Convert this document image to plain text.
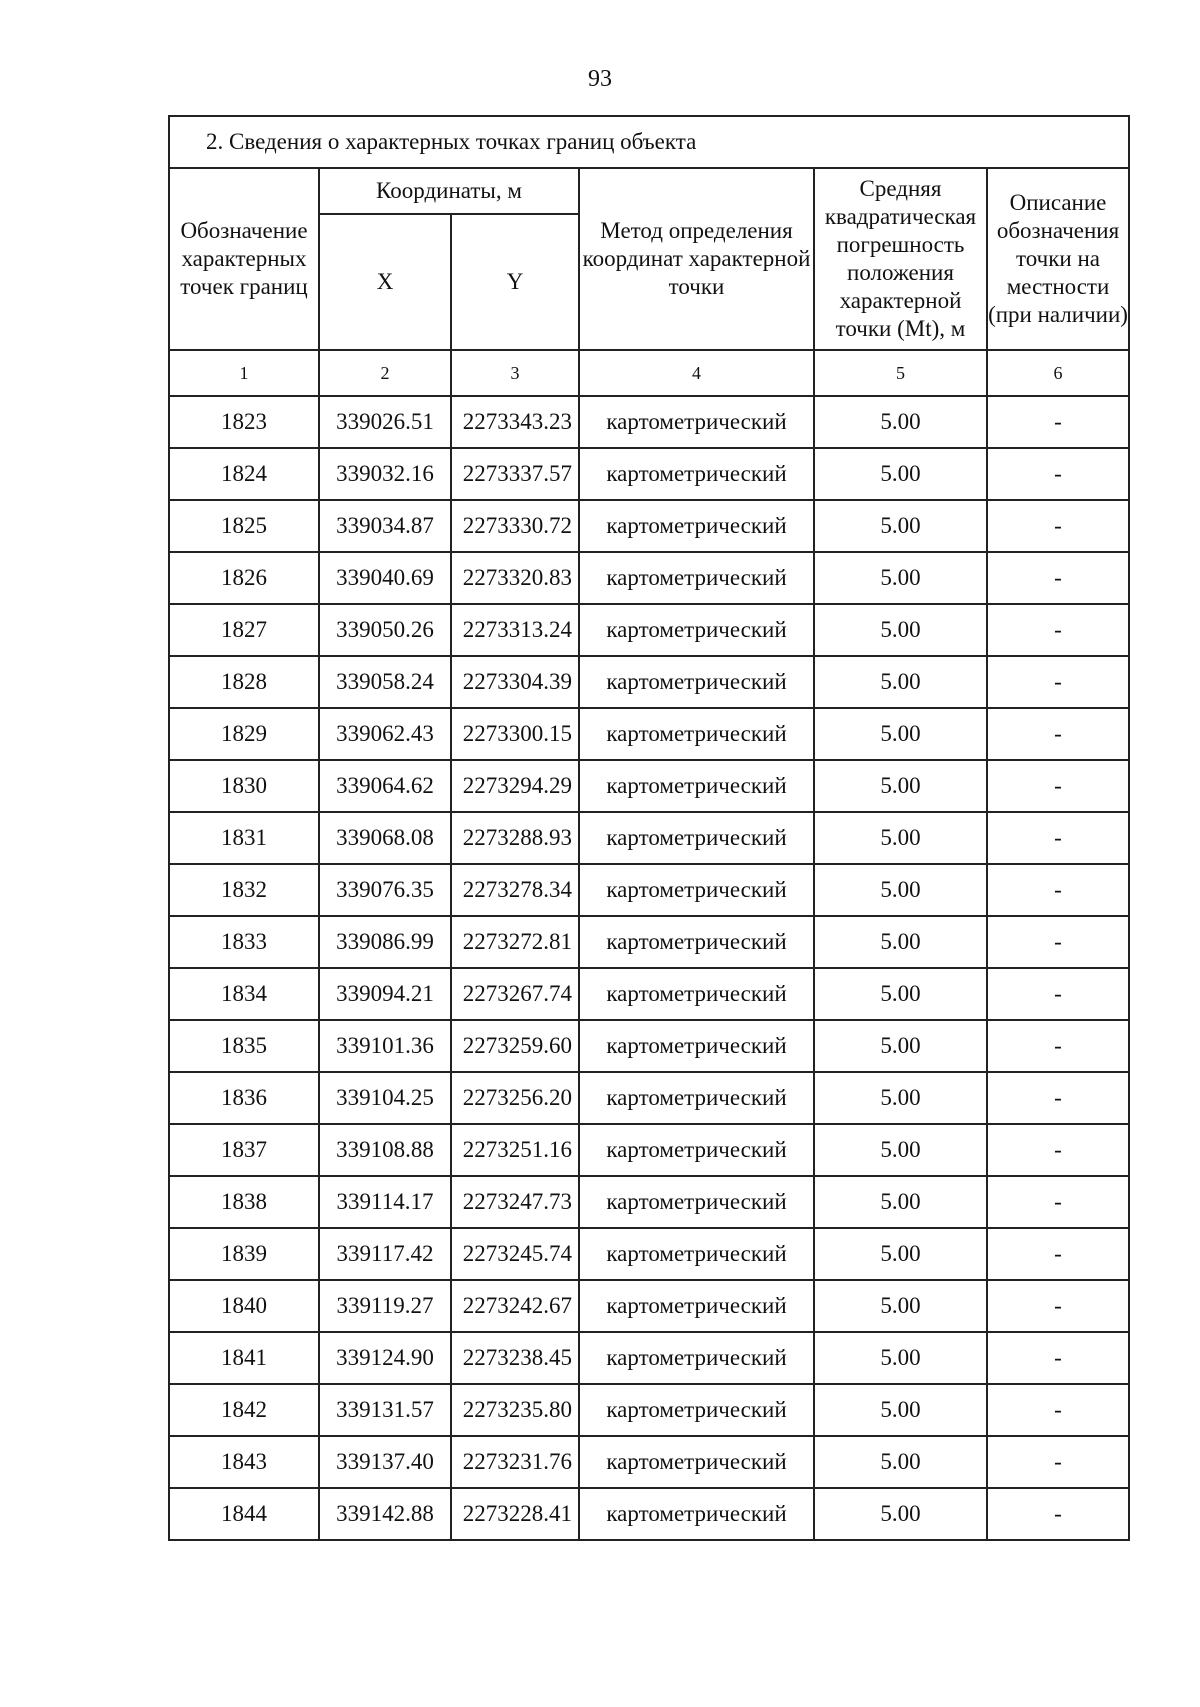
93
2. Сведения о характерных точках границ объекта					
Обозначение характерных точек границ	Координаты, м		Метод определения координат характерной точки	Средняя квадратическая погрешность положения характерной точки (Mt), м	Описание обозначения точки на местности (при наличии)
	X	Y			
1	2	3	4	5	6
1823	339026.51	2273343.23	картометрический	5.00	-
1824	339032.16	2273337.57	картометрический	5.00	-
1825	339034.87	2273330.72	картометрический	5.00	-
1826	339040.69	2273320.83	картометрический	5.00	-
1827	339050.26	2273313.24	картометрический	5.00	-
1828	339058.24	2273304.39	картометрический	5.00	-
1829	339062.43	2273300.15	картометрический	5.00	-
1830	339064.62	2273294.29	картометрический	5.00	-
1831	339068.08	2273288.93	картометрический	5.00	-
1832	339076.35	2273278.34	картометрический	5.00	-
1833	339086.99	2273272.81	картометрический	5.00	-
1834	339094.21	2273267.74	картометрический	5.00	-
1835	339101.36	2273259.60	картометрический	5.00	-
1836	339104.25	2273256.20	картометрический	5.00	-
1837	339108.88	2273251.16	картометрический	5.00	-
1838	339114.17	2273247.73	картометрический	5.00	-
1839	339117.42	2273245.74	картометрический	5.00	-
1840	339119.27	2273242.67	картометрический	5.00	-
1841	339124.90	2273238.45	картометрический	5.00	-
1842	339131.57	2273235.80	картометрический	5.00	-
1843	339137.40	2273231.76	картометрический	5.00	-
1844	339142.88	2273228.41	картометрический	5.00	-
